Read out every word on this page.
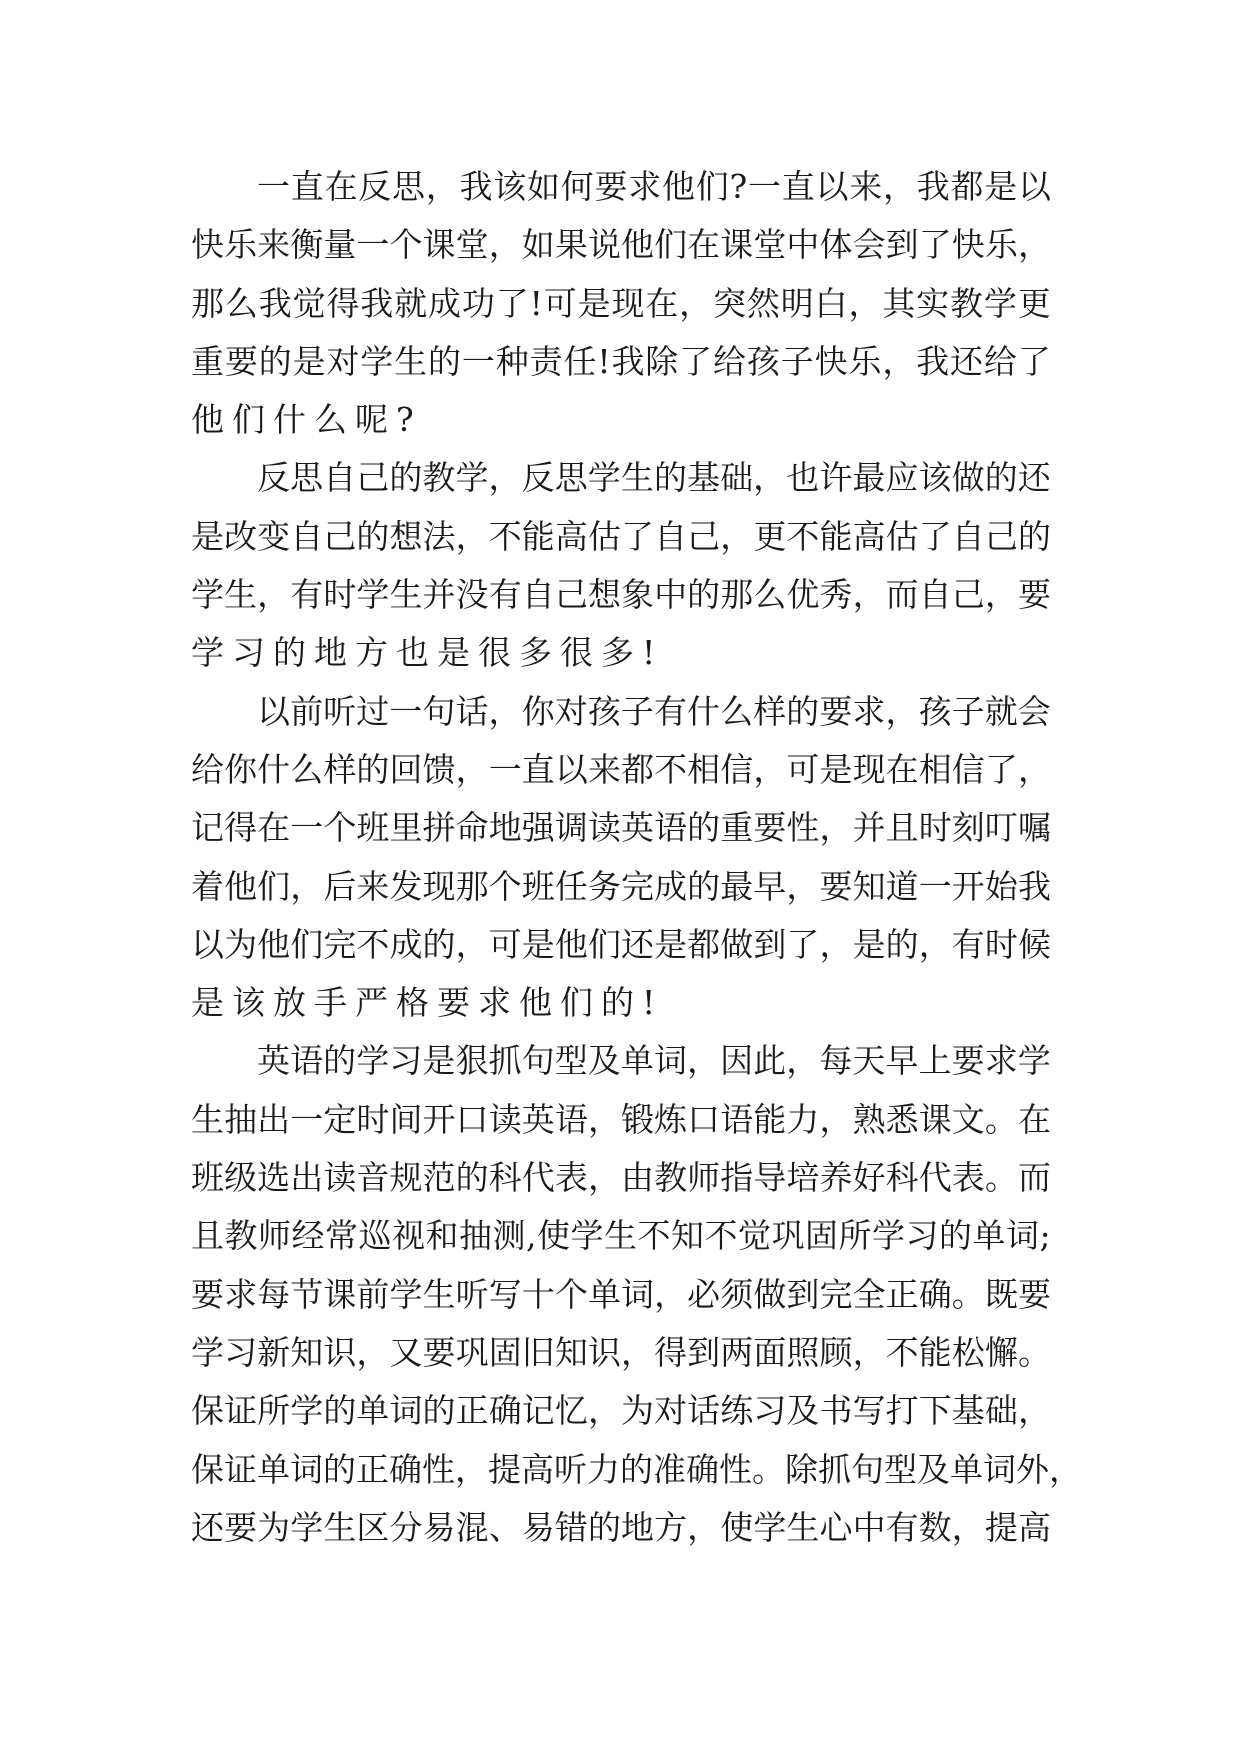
一 直 在 反 思 ， 我 该 如 何 要 求 他 们 ? 一 直 以 来 ， 我 都 是 以
快 乐 来 衡 量 一 个 课 堂 ， 如 果 说 他 们 在 课 堂 中 体 会 到 了 快 乐 ，
那 么 我 觉 得 我 就 成 功 了 ! 可 是 现 在 ， 突 然 明 白 ， 其 实 教 学 更
重 要 的 是 对 学 生 的 一 种 责 任 ! 我 除 了 给 孩 子 快 乐 ， 我 还 给 了
他们什么呢?
反 思 自 己 的 教 学 ， 反 思 学 生 的 基 础 ， 也 许 最 应 该 做 的 还
是 改 变 自 己 的 想 法 ， 不 能 高 估 了 自 己 ， 更 不 能 高 估 了 自 己 的
学 生 ， 有 时 学 生 并 没 有 自 己 想 象 中 的 那 么 优 秀 ， 而 自 己 ， 要
学习的地方也是很多很多!
以 前 听 过 一 句 话 ， 你 对 孩 子 有 什 么 样 的 要 求 ， 孩 子 就 会
给 你 什 么 样 的 回 馈 ， 一 直 以 来 都 不 相 信 ， 可 是 现 在 相 信 了 ，
记 得 在 一 个 班 里 拼 命 地 强 调 读 英 语 的 重 要 性 ， 并 且 时 刻 叮 嘱
着 他 们 ， 后 来 发 现 那 个 班 任 务 完 成 的 最 早 ， 要 知 道 一 开 始 我
以 为 他 们 完 不 成 的 ， 可 是 他 们 还 是 都 做 到 了 ， 是 的 ， 有 时 候
是该放手严格要求他们的!
英 语 的 学 习 是 狠 抓 句 型 及 单 词 ， 因 此 ， 每 天 早 上 要 求 学
生 抽 出 一 定 时 间 开 口 读 英 语 ， 锻 炼 口 语 能 力 ， 熟 悉 课 文 。 在
班 级 选 出 读 音 规 范 的 科 代 表 ， 由 教 师 指 导 培 养 好 科 代 表 。 而
且 教 师 经 常 巡 视 和 抽 测 , 使 学 生 不 知 不 觉 巩 固 所 学 习 的 单 词 ;
要 求 每 节 课 前 学 生 听 写 十 个 单 词 ， 必 须 做 到 完 全 正 确 。 既 要
学 习 新 知 识 ， 又 要 巩 固 旧 知 识 ， 得 到 两 面 照 顾 ， 不 能 松 懈 。
保 证 所 学 的 单 词 的 正 确 记 忆 ， 为 对 话 练 习 及 书 写 打 下 基 础 ，
保 证 单 词 的 正 确 性 ， 提 高 听 力 的 准 确 性 。 除 抓 句 型 及 单 词 外 ，
还 要 为 学 生 区 分 易 混 、 易 错 的 地 方 ， 使 学 生 心 中 有 数 ， 提 高
